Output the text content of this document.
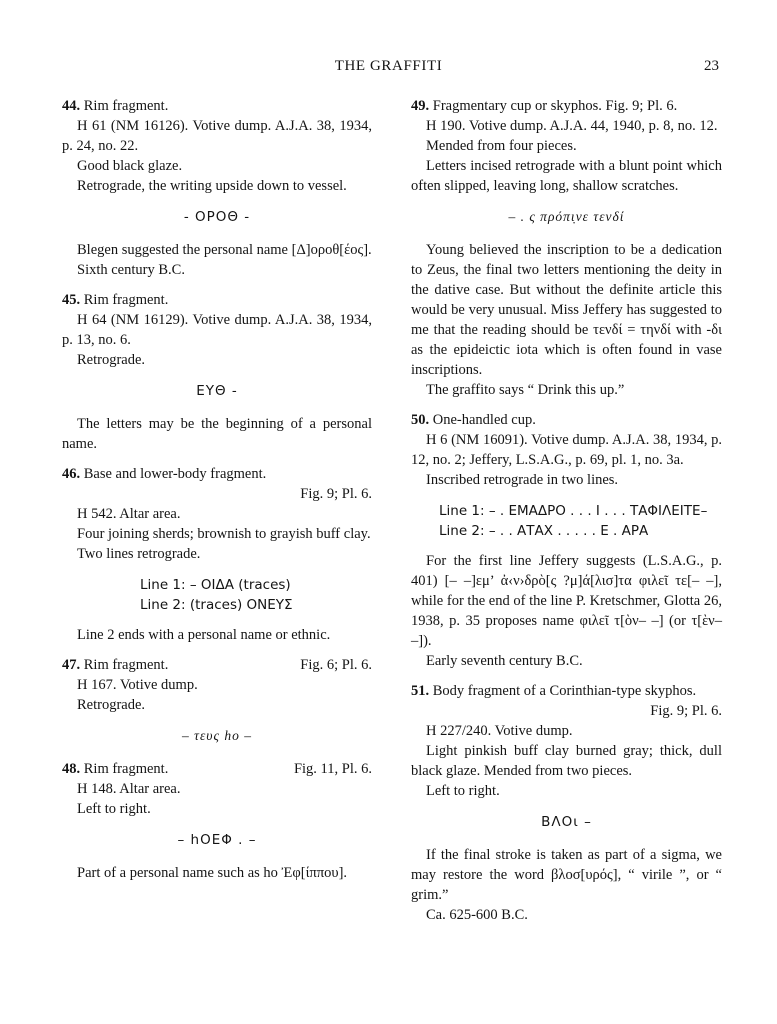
THE GRAFFITI	23

44. Rim fragment.

H 61 (NM 16126). Votive dump. A.J.A. 38, 1934, p. 24, no. 22.

Good black glaze.

Retrograde, the writing upside down to vessel.

- ΟΡΟΘ -

Blegen suggested the personal name [Δ]οροθ[έος].

Sixth century B.C.

45. Rim fragment.

H 64 (NM 16129). Votive dump. A.J.A. 38, 1934, p. 13, no. 6.

Retrograde.

ΕΥΘ -

The letters may be the beginning of a personal name.

46. Base and lower-body fragment.

Fig. 9; Pl. 6.

H 542. Altar area.

Four joining sherds; brownish to grayish buff clay.

Two lines retrograde.

Line 1: – ΟΙΔΑ (traces)
Line 2: (traces) ΟΝΕΥΣ

Line 2 ends with a personal name or ethnic.

47. Rim fragment.	Fig. 6; Pl. 6.

H 167. Votive dump.

Retrograde.

– τευς ho –

48. Rim fragment.	Fig. 11, Pl. 6.

H 148. Altar area.

Left to right.

– hΟΕΦ . –

Part of a personal name such as ho Ἐφ[ίππου].

49. Fragmentary cup or skyphos. Fig. 9; Pl. 6.

H 190. Votive dump. A.J.A. 44, 1940, p. 8, no. 12.

Mended from four pieces.

Letters incised retrograde with a blunt point which often slipped, leaving long, shallow scratches.

– . ς πρόπι̣νε τενδί

Young believed the inscription to be a dedication to Zeus, the final two letters mentioning the deity in the dative case. But without the definite article this would be very unusual. Miss Jeffery has suggested to me that the reading should be τενδί = τηνδί with -δι as the epideictic iota which is often found in vase inscriptions.

The graffito says “ Drink this up.”

50. One-handled cup.

H 6 (NM 16091). Votive dump. A.J.A. 38, 1934, p. 12, no. 2; Jeffery, L.S.A.G., p. 69, pl. 1, no. 3a.

Inscribed retrograde in two lines.

Line 1: – . ΕΜΑΔΡΟ . . . Ι . . . ΤΑΦΙΛΕΙΤΕ–
Line 2: – . . ΑΤΑΧ . . . . . Ε . ΑΡΑ

For the first line Jeffery suggests (L.S.A.G., p. 401) [– –]εμ’ ἀ‹ν›δρὸ[ς ?μ]ά[λισ]τα φιλεῖ τε[– –], while for the end of the line P. Kretschmer, Glotta 26, 1938, p. 35 proposes name φιλεῖ τ[ὸν– –] (or τ[ὲν– –]).

Early seventh century B.C.

51. Body fragment of a Corinthian-type skyphos.

Fig. 9; Pl. 6.

H 227/240. Votive dump.

Light pinkish buff clay burned gray; thick, dull black glaze. Mended from two pieces.

Left to right.

ΒΛΟι –

If the final stroke is taken as part of a sigma, we may restore the word βλοσ[υρός], “ virile ”, or “ grim.”

Ca. 625-600 B.C.
